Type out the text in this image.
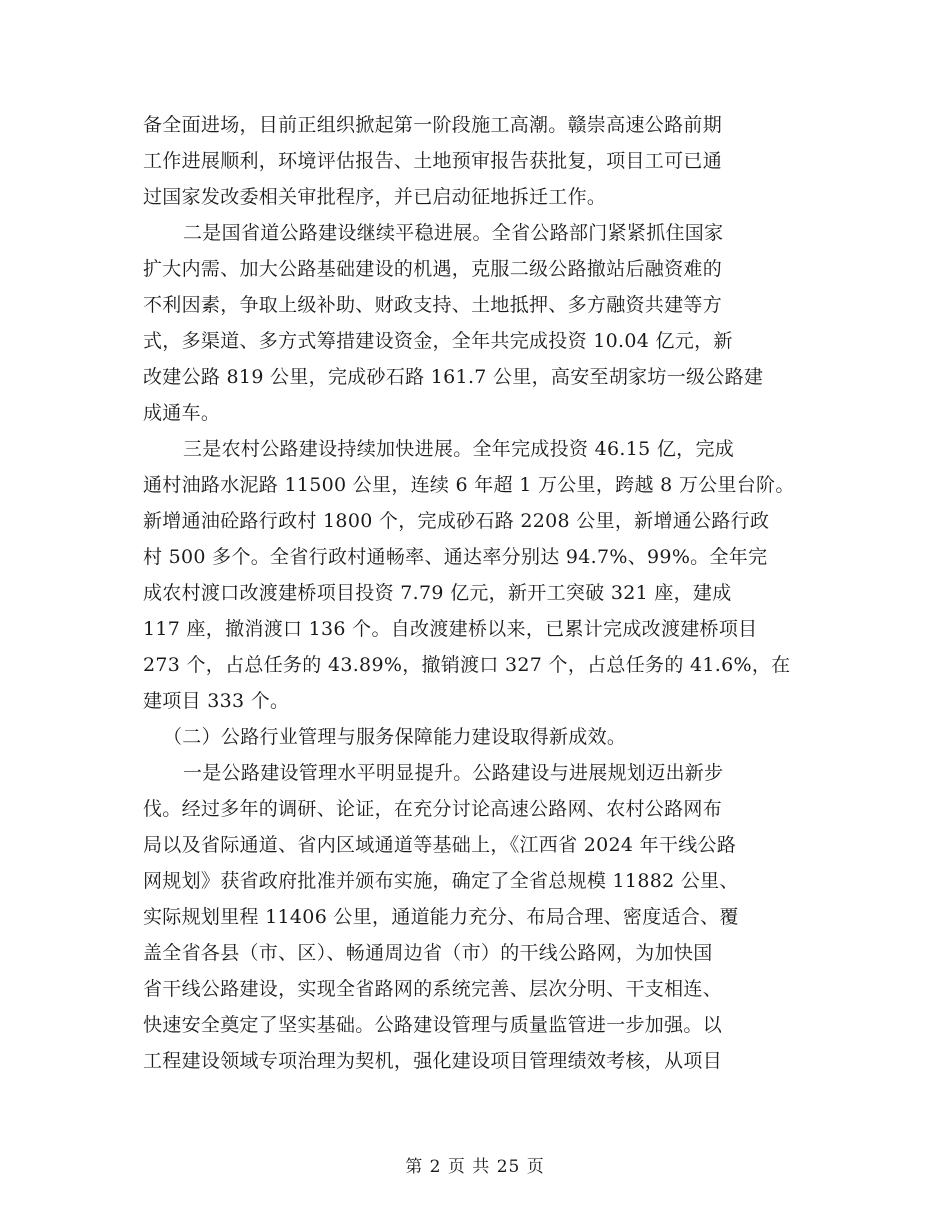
备全面进场，目前正组织掀起第一阶段施工高潮。赣崇高速公路前期
工作进展顺利，环境评估报告、土地预审报告获批复，项目工可已通
过国家发改委相关审批程序，并已启动征地拆迁工作。
二是国省道公路建设继续平稳进展。全省公路部门紧紧抓住国家
扩大内需、加大公路基础建设的机遇，克服二级公路撤站后融资难的
不利因素，争取上级补助、财政支持、土地抵押、多方融资共建等方
式，多渠道、多方式筹措建设资金，全年共完成投资 10.04 亿元，新
改建公路 819 公里，完成砂石路 161.7 公里，高安至胡家坊一级公路建
成通车。
三是农村公路建设持续加快进展。全年完成投资 46.15 亿，完成
通村油路水泥路 11500 公里，连续 6 年超 1 万公里，跨越 8 万公里台阶。
新增通油砼路行政村 1800 个，完成砂石路 2208 公里，新增通公路行政
村 500 多个。全省行政村通畅率、通达率分别达 94.7%、99%。全年完
成农村渡口改渡建桥项目投资 7.79 亿元，新开工突破 321 座，建成
117 座，撤消渡口 136 个。自改渡建桥以来，已累计完成改渡建桥项目
273 个，占总任务的 43.89%，撤销渡口 327 个，占总任务的 41.6%，在
建项目 333 个。
（二）公路行业管理与服务保障能力建设取得新成效。
一是公路建设管理水平明显提升。公路建设与进展规划迈出新步
伐。经过多年的调研、论证，在充分讨论高速公路网、农村公路网布
局以及省际通道、省内区域通道等基础上，《江西省 2024 年干线公路
网规划》获省政府批准并颁布实施，确定了全省总规模 11882 公里、
实际规划里程 11406 公里，通道能力充分、布局合理、密度适合、覆
盖全省各县（市、区）、畅通周边省（市）的干线公路网，为加快国
省干线公路建设，实现全省路网的系统完善、层次分明、干支相连、
快速安全奠定了坚实基础。公路建设管理与质量监管进一步加强。以
工程建设领域专项治理为契机，强化建设项目管理绩效考核，从项目
第 2 页 共 25 页
